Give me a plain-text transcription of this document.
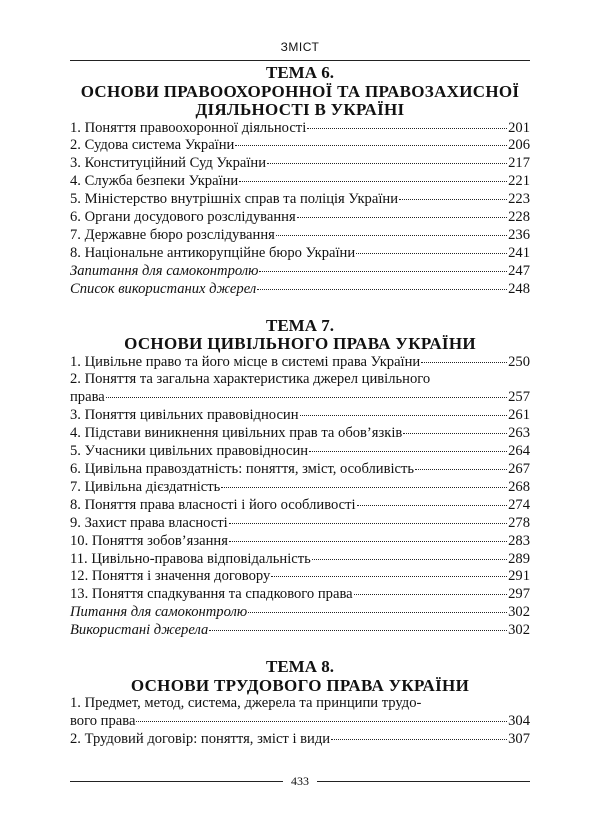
ЗМІСТ
ТЕМА 6.
ОСНОВИ ПРАВООХОРОННОЇ ТА ПРАВОЗАХИСНОЇ
ДІЯЛЬНОСТІ В УКРАЇНІ
1. Поняття правоохоронної діяльності	201
2. Судова система України	206
3. Конституційний Суд України	217
4. Служба безпеки України	221
5. Міністерство внутрішніх справ та поліція України	223
6. Органи досудового розслідування	228
7. Державне бюро розслідування	236
8. Національне антикорупційне бюро України	241
Запитання для самоконтролю	247
Список використаних джерел	248
ТЕМА 7.
ОСНОВИ ЦИВІЛЬНОГО ПРАВА УКРАЇНИ
1. Цивільне право та його місце в системі права України	250
2. Поняття та загальна характеристика джерел цивільного
права	257
3. Поняття цивільних правовідносин	261
4. Підстави виникнення цивільних прав та обов’язків	263
5. Учасники цивільних правовідносин	264
6. Цивільна правоздатність: поняття, зміст, особливість	267
7. Цивільна дієздатність	268
8. Поняття права власності і його особливості	274
9. Захист права власності	278
10. Поняття зобов’язання	283
11. Цивільно-правова відповідальність	289
12. Поняття і значення договору	291
13. Поняття спадкування та спадкового права	297
Питання для самоконтролю	302
Використані джерела	302
ТЕМА 8.
ОСНОВИ ТРУДОВОГО ПРАВА УКРАЇНИ
1. Предмет, метод, система, джерела та принципи трудо-
вого права	304
2. Трудовий договір: поняття, зміст і види	307
433
